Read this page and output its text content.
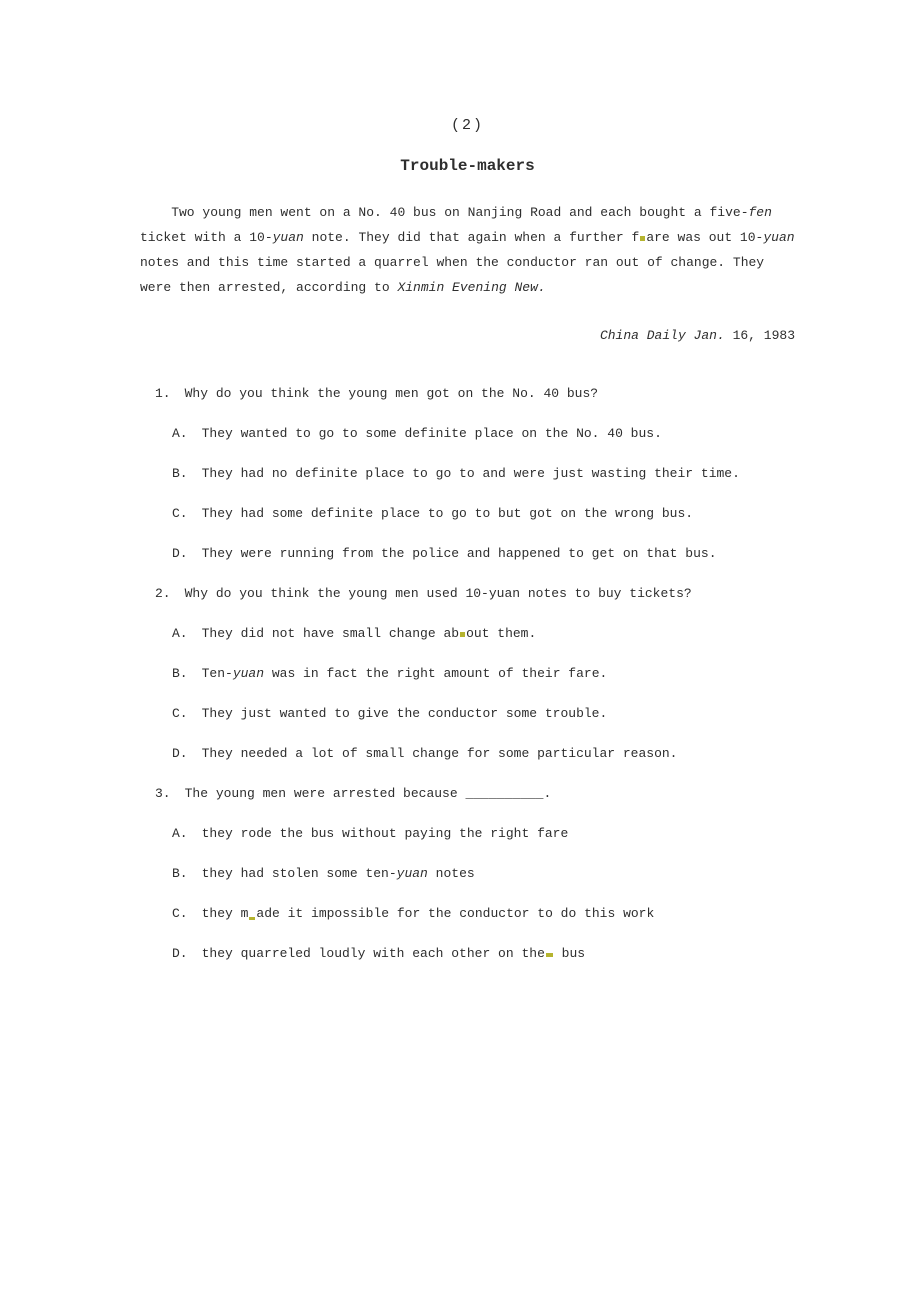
(2)
Trouble-makers
Two young men went on a No. 40 bus on Nanjing Road and each bought a five-fen
ticket with a 10-yuan note. They did that again when a further f are was out 10-yuan
notes and this time started a quarrel when the conductor ran out of change. They
were then arrested, according to Xinmin Evening New.

China Daily Jan. 16, 1983

1. Why do you think the young men got on the No. 40 bus?
A. They wanted to go to some definite place on the No. 40 bus.
B. They had no definite place to go to and were just wasting their time.
C. They had some definite place to go to but got on the wrong bus.
D. They were running from the police and happened to get on that bus.
2. Why do you think the young men used 10-yuan notes to buy tickets?
A. They did not have small change ab out them.
B. Ten-yuan was in fact the right amount of their fare.
C. They just wanted to give the conductor some trouble.
D. They needed a lot of small change for some particular reason.
3. The young men were arrested because __________.
A. they rode the bus without paying the right fare
B. they had stolen some ten-yuan notes
C. they m ade it impossible for the conductor to do this work
D. they quarreled loudly with each other on the bus
